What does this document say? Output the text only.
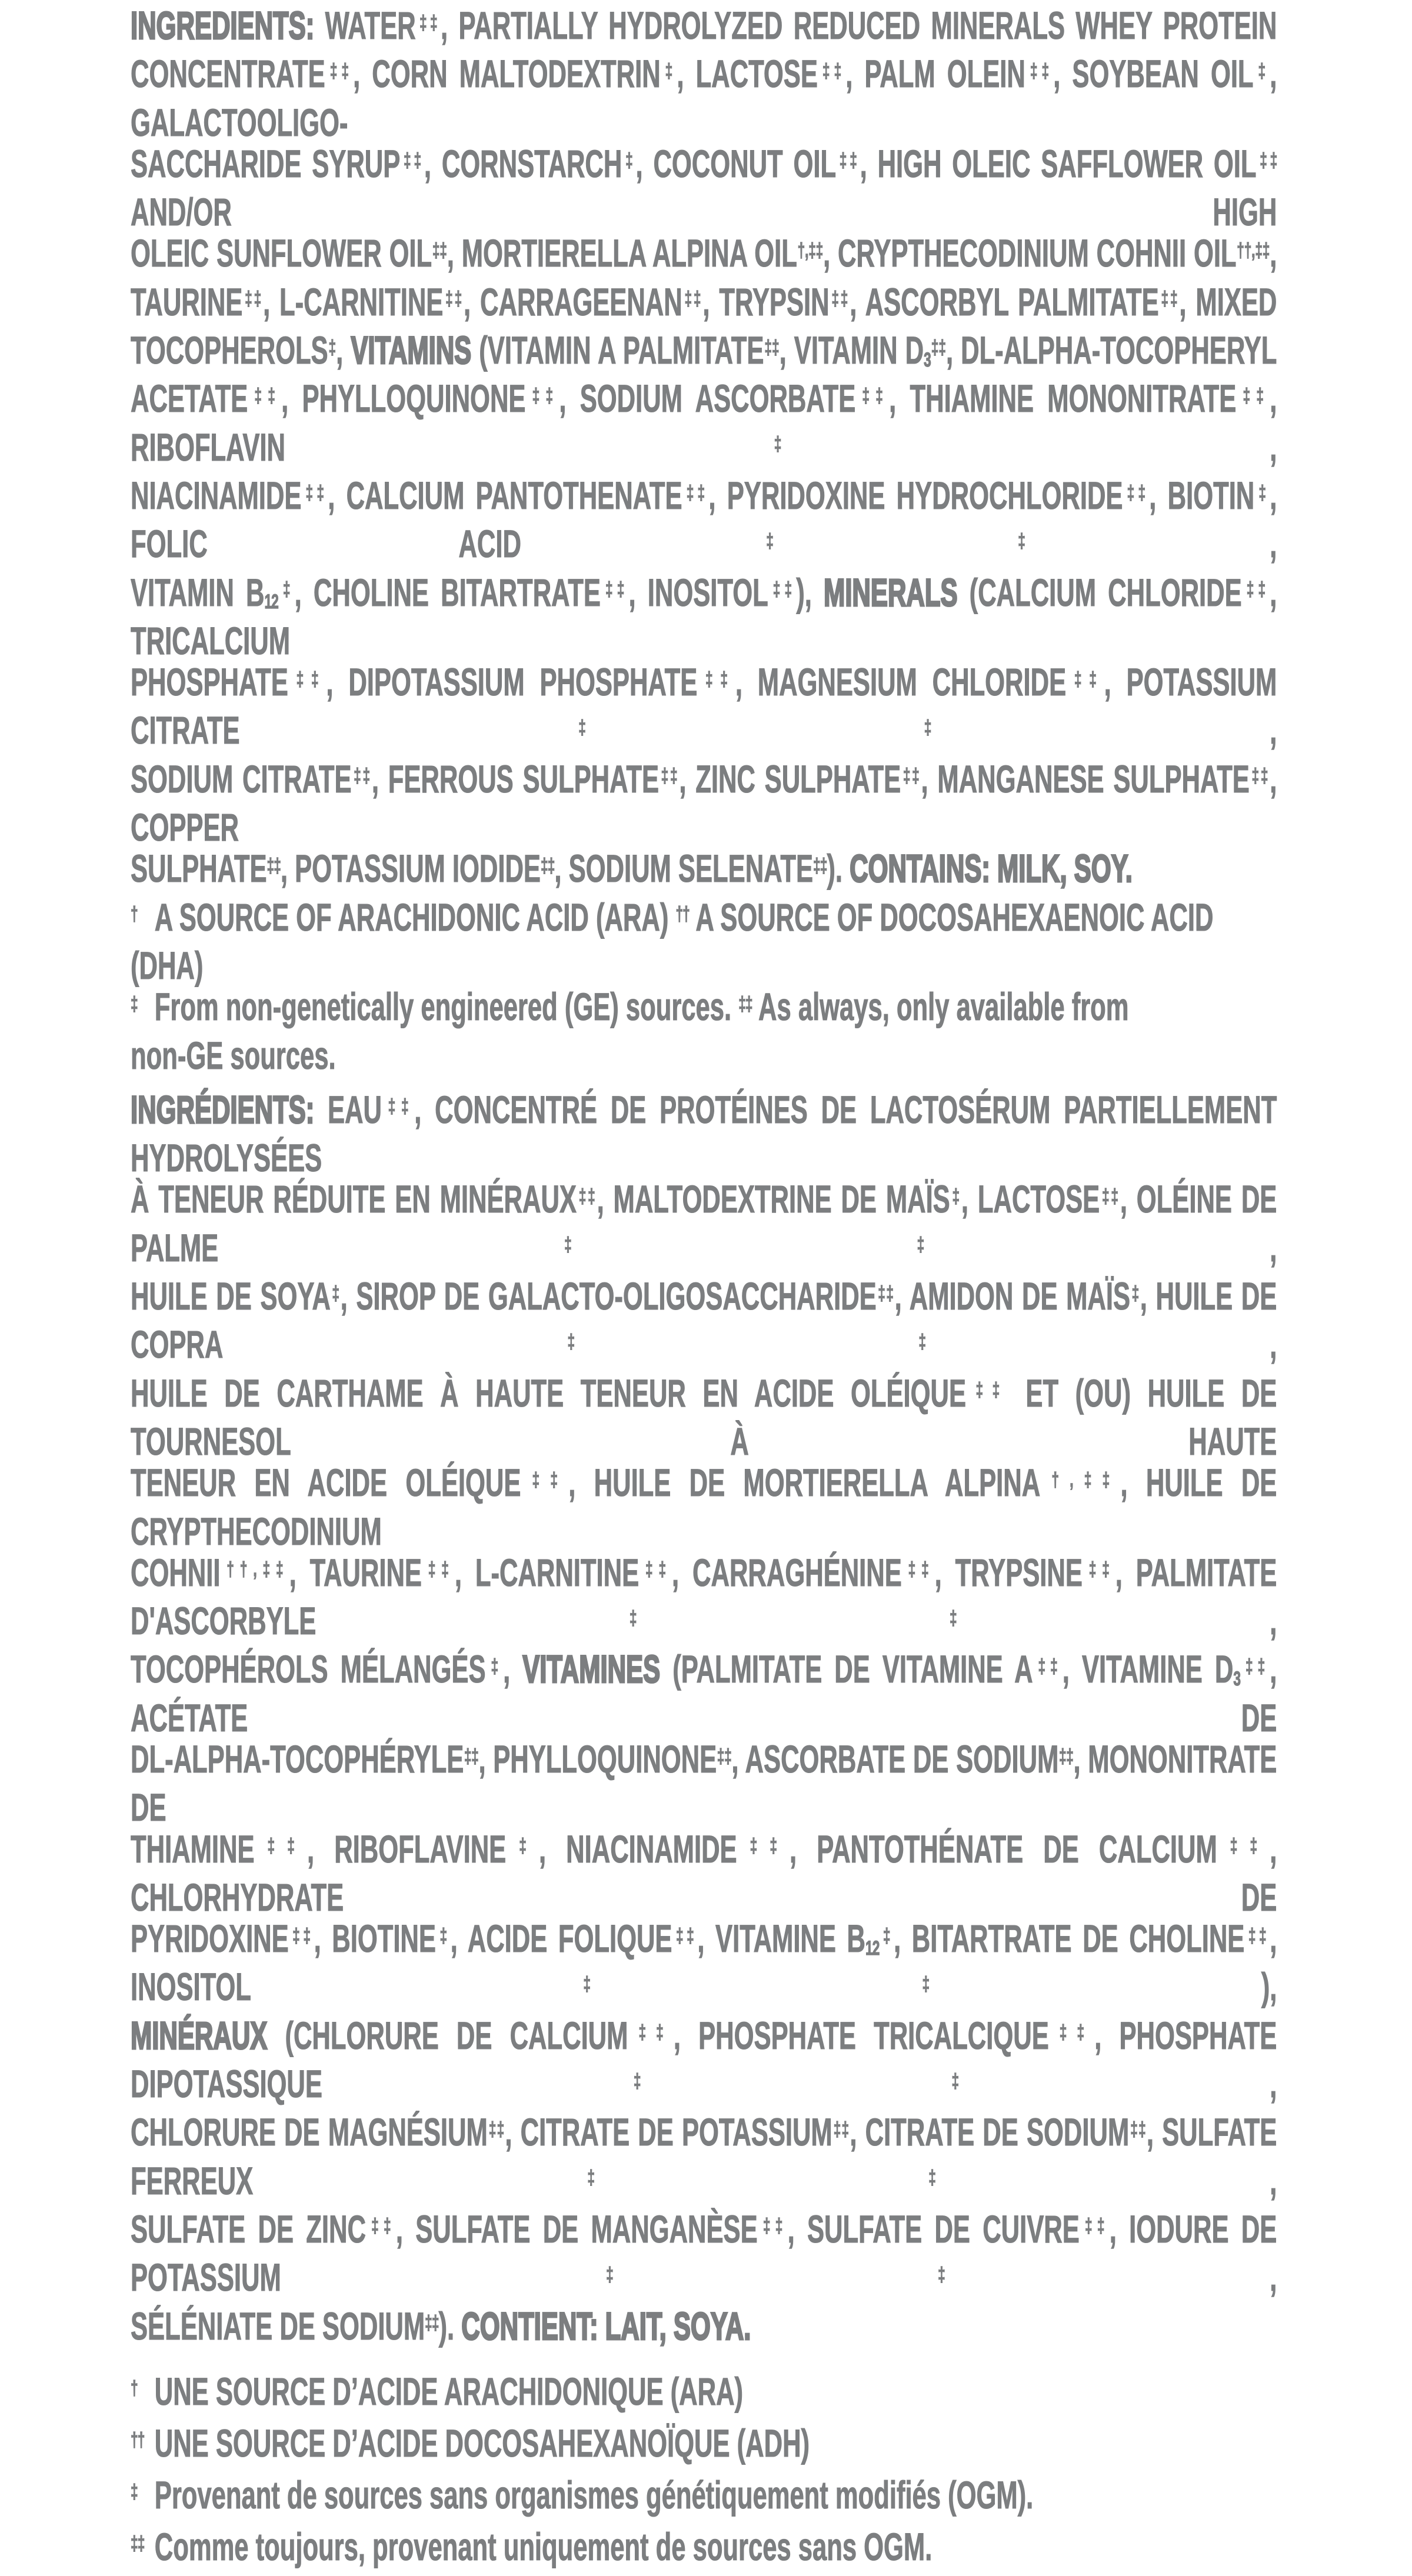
INGREDIENTS: WATER‡‡, PARTIALLY HYDROLYZED REDUCED MINERALS WHEY PROTEIN
CONCENTRATE‡‡, CORN MALTODEXTRIN‡, LACTOSE‡‡, PALM OLEIN‡‡, SOYBEAN OIL‡, GALACTOOLIGO-
SACCHARIDE SYRUP‡‡, CORNSTARCH‡, COCONUT OIL‡‡, HIGH OLEIC SAFFLOWER OIL‡‡ AND/OR HIGH
OLEIC SUNFLOWER OIL‡‡, MORTIERELLA ALPINA OIL†,‡‡, CRYPTHECODINIUM COHNII OIL††,‡‡,
TAURINE‡‡, L-CARNITINE‡‡, CARRAGEENAN‡‡, TRYPSIN‡‡, ASCORBYL PALMITATE‡‡, MIXED
TOCOPHEROLS‡, VITAMINS (VITAMIN A PALMITATE‡‡, VITAMIN D3‡‡, DL-ALPHA-TOCOPHERYL
ACETATE‡‡, PHYLLOQUINONE‡‡, SODIUM ASCORBATE‡‡, THIAMINE MONONITRATE‡‡, RIBOFLAVIN‡,
NIACINAMIDE‡‡, CALCIUM PANTOTHENATE‡‡, PYRIDOXINE HYDROCHLORIDE‡‡, BIOTIN‡, FOLIC ACID‡‡,
VITAMIN B12‡, CHOLINE BITARTRATE‡‡, INOSITOL‡‡), MINERALS (CALCIUM CHLORIDE‡‡, TRICALCIUM
PHOSPHATE‡‡, DIPOTASSIUM PHOSPHATE‡‡, MAGNESIUM CHLORIDE‡‡, POTASSIUM CITRATE‡‡,
SODIUM CITRATE‡‡, FERROUS SULPHATE‡‡, ZINC SULPHATE‡‡, MANGANESE SULPHATE‡‡, COPPER
SULPHATE‡‡, POTASSIUM IODIDE‡‡, SODIUM SELENATE‡‡). CONTAINS: MILK, SOY.
† A SOURCE OF ARACHIDONIC ACID (ARA) †† A SOURCE OF DOCOSAHEXAENOIC ACID (DHA)
‡ From non-genetically engineered (GE) sources. ‡‡ As always, only available from
non-GE sources.
INGRÉDIENTS: EAU‡‡, CONCENTRÉ DE PROTÉINES DE LACTOSÉRUM PARTIELLEMENT HYDROLYSÉES
À TENEUR RÉDUITE EN MINÉRAUX‡‡, MALTODEXTRINE DE MAÏS‡, LACTOSE‡‡, OLÉINE DE PALME‡‡,
HUILE DE SOYA‡, SIROP DE GALACTO-OLIGOSACCHARIDE‡‡, AMIDON DE MAÏS‡, HUILE DE COPRA‡‡,
HUILE DE CARTHAME À HAUTE TENEUR EN ACIDE OLÉIQUE‡‡ ET (OU) HUILE DE TOURNESOL À HAUTE
TENEUR EN ACIDE OLÉIQUE‡‡, HUILE DE MORTIERELLA ALPINA†,‡‡, HUILE DE CRYPTHECODINIUM
COHNII††,‡‡, TAURINE‡‡, L-CARNITINE‡‡, CARRAGHÉNINE‡‡, TRYPSINE‡‡, PALMITATE D'ASCORBYLE‡‡,
TOCOPHÉROLS MÉLANGÉS‡, VITAMINES (PALMITATE DE VITAMINE A‡‡, VITAMINE D3‡‡, ACÉTATE DE
DL-ALPHA-TOCOPHÉRYLE‡‡, PHYLLOQUINONE‡‡, ASCORBATE DE SODIUM‡‡, MONONITRATE DE
THIAMINE‡‡, RIBOFLAVINE‡, NIACINAMIDE‡‡, PANTOTHÉNATE DE CALCIUM‡‡, CHLORHYDRATE DE
PYRIDOXINE‡‡, BIOTINE‡, ACIDE FOLIQUE‡‡, VITAMINE B12‡, BITARTRATE DE CHOLINE‡‡, INOSITOL‡‡),
MINÉRAUX (CHLORURE DE CALCIUM‡‡, PHOSPHATE TRICALCIQUE‡‡, PHOSPHATE DIPOTASSIQUE‡‡,
CHLORURE DE MAGNÉSIUM‡‡, CITRATE DE POTASSIUM‡‡, CITRATE DE SODIUM‡‡, SULFATE FERREUX‡‡,
SULFATE DE ZINC‡‡, SULFATE DE MANGANÈSE‡‡, SULFATE DE CUIVRE‡‡, IODURE DE POTASSIUM‡‡,
SÉLÉNIATE DE SODIUM‡‡). CONTIENT: LAIT, SOYA.
† UNE SOURCE D’ACIDE ARACHIDONIQUE (ARA)
†† UNE SOURCE D’ACIDE DOCOSAHEXANOÏQUE (ADH)
‡ Provenant de sources sans organismes génétiquement modifiés (OGM).
‡‡ Comme toujours, provenant uniquement de sources sans OGM.
